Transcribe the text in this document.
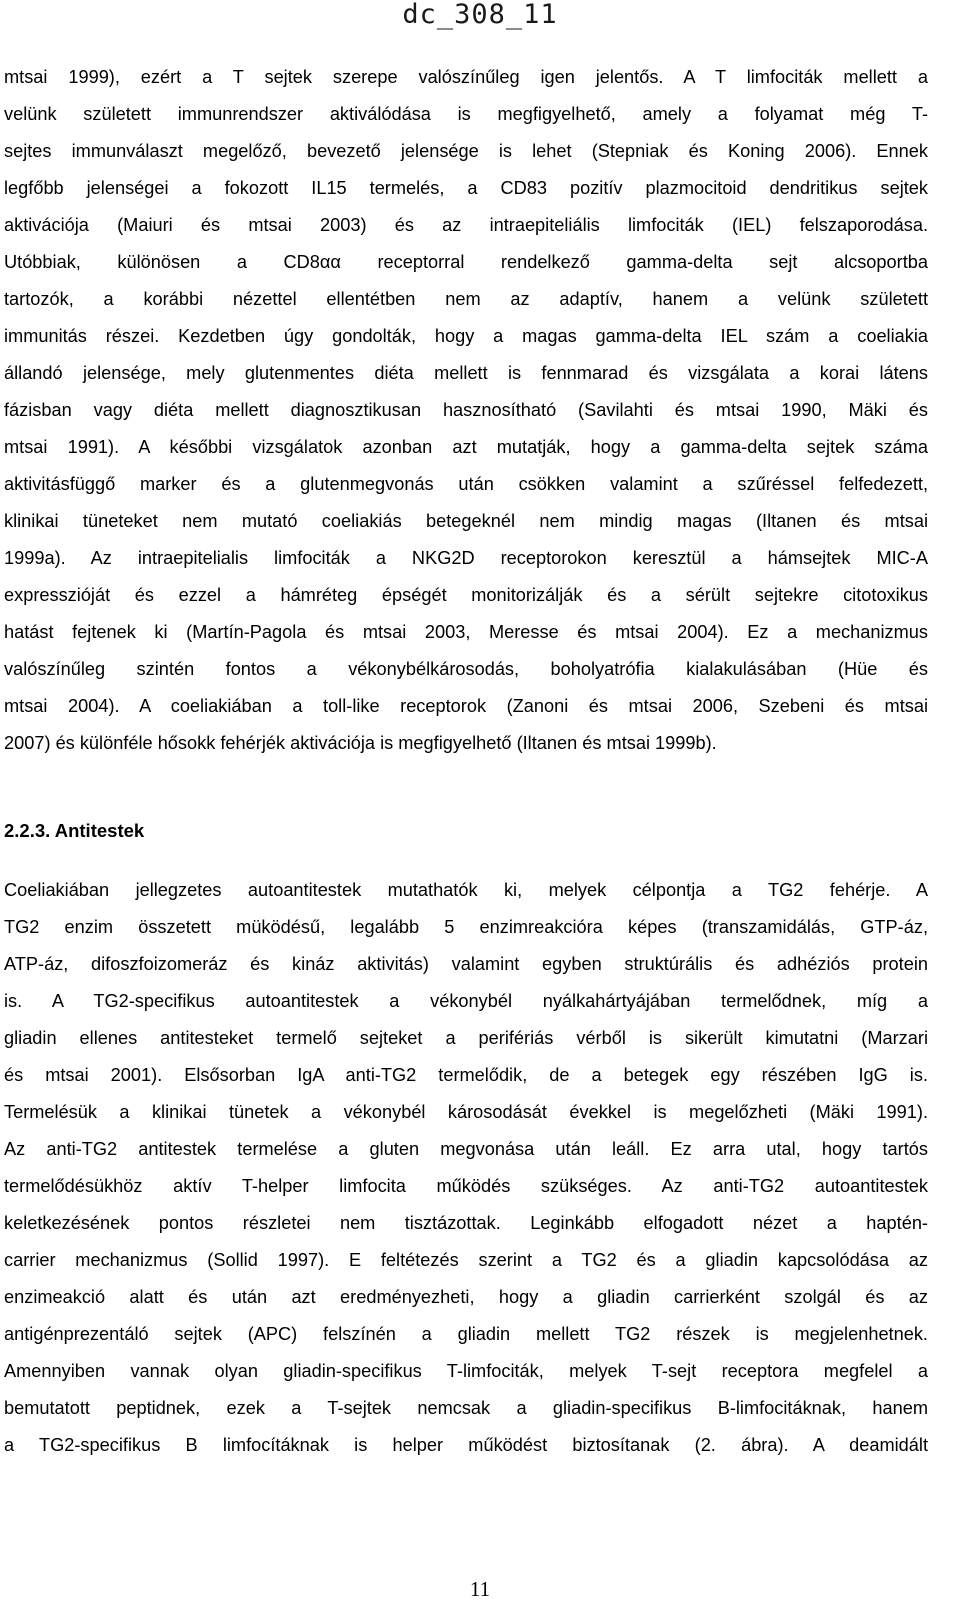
dc_308_11
mtsai 1999), ezért a T sejtek szerepe valószínűleg igen jelentős. A T limfociták mellett a
velünk született immunrendszer aktiválódása is megfigyelhető, amely a folyamat még T-
sejtes immunválaszt megelőző, bevezető jelensége is lehet (Stepniak és Koning 2006). Ennek
legfőbb jelenségei a fokozott IL15 termelés, a CD83 pozitív plazmocitoid dendritikus sejtek
aktivációja (Maiuri és mtsai 2003) és az intraepiteliális limfociták (IEL) felszaporodása.
Utóbbiak, különösen a CD8αα receptorral rendelkező gamma-delta sejt alcsoportba
tartozók, a korábbi nézettel ellentétben nem az adaptív, hanem a velünk született
immunitás részei. Kezdetben úgy gondolták, hogy a magas gamma-delta IEL szám a coeliakia
állandó jelensége, mely glutenmentes diéta mellett is fennmarad és vizsgálata a korai látens
fázisban vagy diéta mellett diagnosztikusan hasznosítható (Savilahti és mtsai 1990, Mäki és
mtsai 1991). A későbbi vizsgálatok azonban azt mutatják, hogy a gamma-delta sejtek száma
aktivitásfüggő marker és a glutenmegvonás után csökken valamint a szűréssel felfedezett,
klinikai tüneteket nem mutató coeliakiás betegeknél nem mindig magas (Iltanen és mtsai
1999a). Az intraepitelialis limfociták a NKG2D receptorokon keresztül a hámsejtek MIC-A
expresszióját és ezzel a hámréteg épségét monitorizálják és a sérült sejtekre citotoxikus
hatást fejtenek ki (Martín-Pagola és mtsai 2003, Meresse és mtsai 2004). Ez a mechanizmus
valószínűleg szintén fontos a vékonybélkárosodás, boholyatrófia kialakulásában (Hüe és
mtsai 2004). A coeliakiában a toll-like receptorok (Zanoni és mtsai 2006, Szebeni és mtsai
2007) és különféle hősokk fehérjék aktivációja is megfigyelhető (Iltanen és mtsai 1999b).
2.2.3. Antitestek
Coeliakiában jellegzetes autoantitestek mutathatók ki, melyek célpontja a TG2 fehérje. A
TG2 enzim összetett müködésű, legalább 5 enzimreakcióra képes (transzamidálás, GTP-áz,
ATP-áz, difoszfoizomeráz és kináz aktivitás) valamint egyben struktúrális és adhéziós protein
is. A TG2-specifikus autoantitestek a vékonybél nyálkahártyájában termelődnek, míg a
gliadin ellenes antitesteket termelő sejteket a perifériás vérből is sikerült kimutatni (Marzari
és mtsai 2001). Elsősorban IgA anti-TG2 termelődik, de a betegek egy részében IgG is.
Termelésük a klinikai tünetek a vékonybél károsodását évekkel is megelőzheti (Mäki 1991).
Az anti-TG2 antitestek termelése a gluten megvonása után leáll. Ez arra utal, hogy tartós
termelődésükhöz aktív T-helper limfocita működés szükséges. Az anti-TG2 autoantitestek
keletkezésének pontos részletei nem tisztázottak. Leginkább elfogadott nézet a haptén-
carrier mechanizmus (Sollid 1997). E feltétezés szerint a TG2 és a gliadin kapcsolódása az
enzimeakció alatt és után azt eredményezheti, hogy a gliadin carrierként szolgál és az
antigénprezentáló sejtek (APC) felszínén a gliadin mellett TG2 részek is megjelenhetnek.
Amennyiben vannak olyan gliadin-specifikus T-limfociták, melyek T-sejt receptora megfelel a
bemutatott peptidnek, ezek a T-sejtek nemcsak a gliadin-specifikus B-limfocitáknak, hanem
a TG2-specifikus B limfocítáknak is helper működést biztosítanak (2. ábra). A deamidált
11
